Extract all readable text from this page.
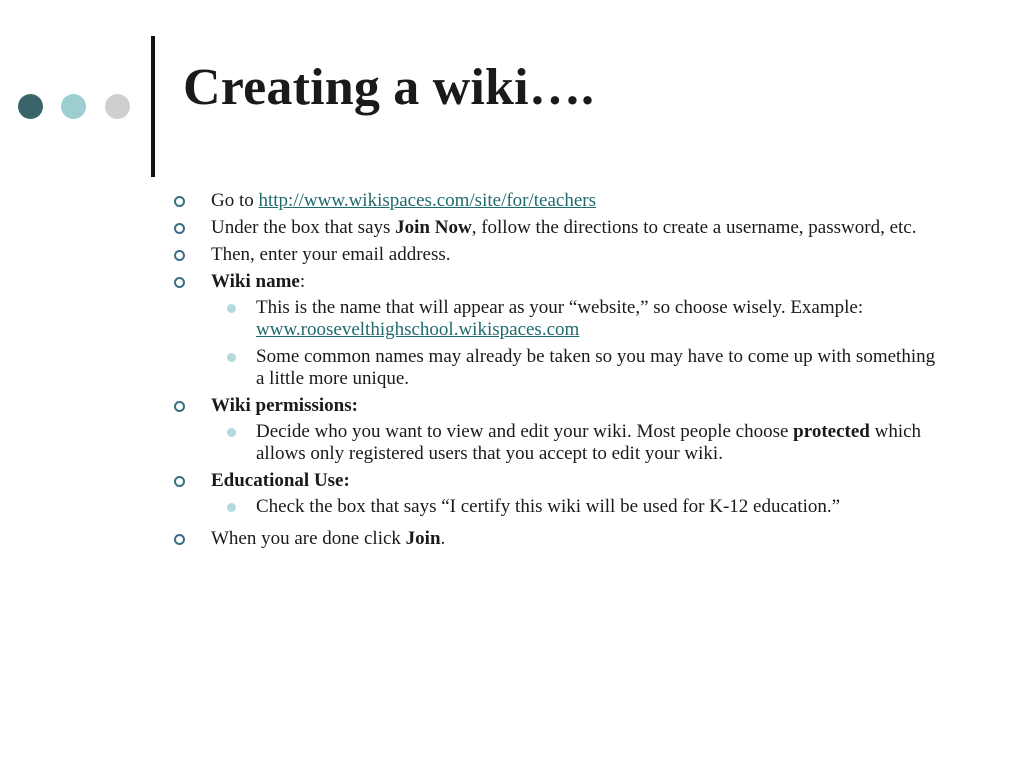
Creating a wiki….
Go to http://www.wikispaces.com/site/for/teachers
Under the box that says Join Now, follow the directions to create a username, password, etc.
Then, enter your email address.
Wiki name:
This is the name that will appear as your “website,” so choose wisely. Example: www.roosevelthighschool.wikispaces.com
Some common names may already be taken so you may have to come up with something a little more unique.
Wiki permissions:
Decide who you want to view and edit your wiki. Most people choose protected which allows only registered users that you accept to edit your wiki.
Educational Use:
Check the box that says “I certify this wiki will be used for K-12 education.”
When you are done click Join.
